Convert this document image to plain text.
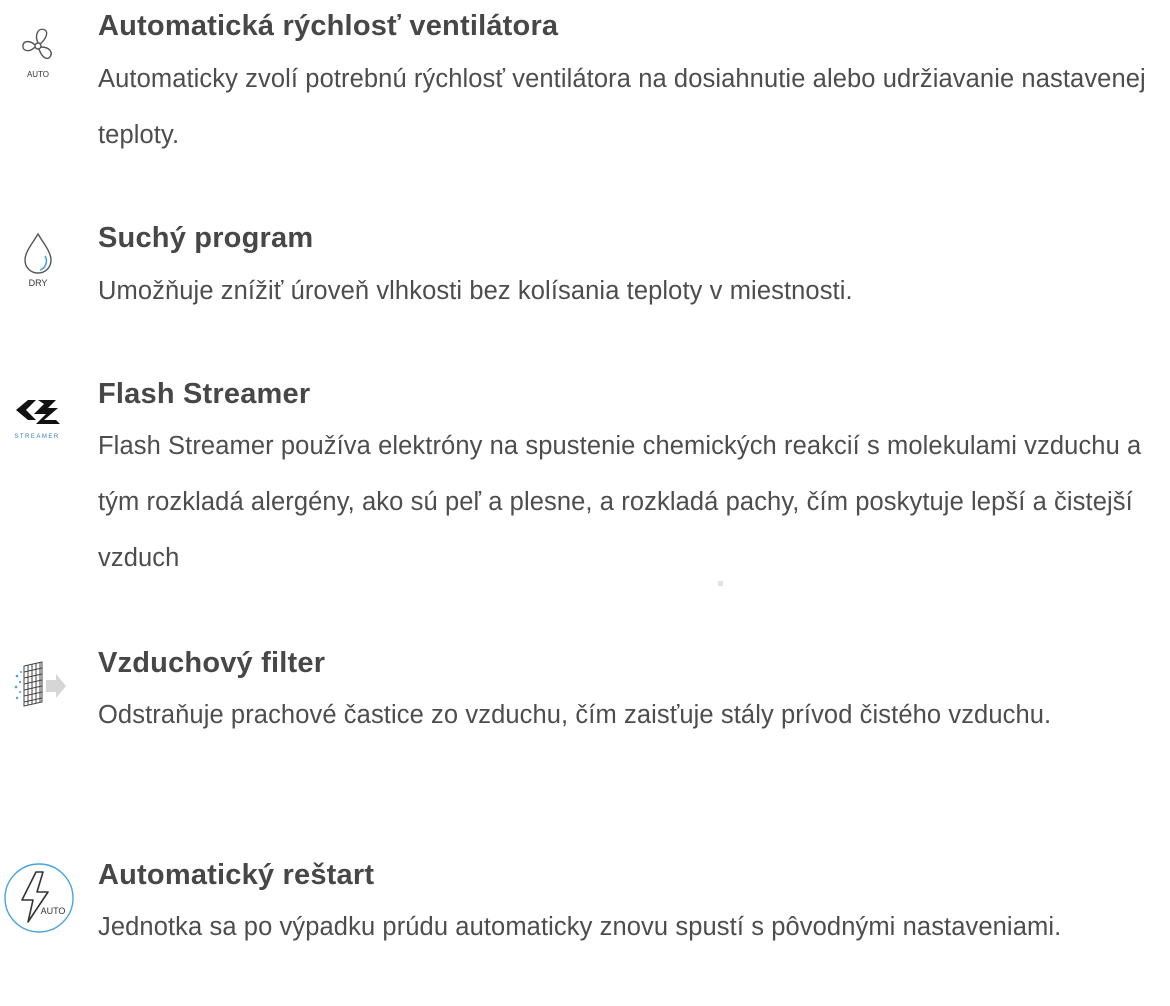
AUTO
Automatická rýchlosť ventilátora

Automaticky zvolí potrebnú rýchlosť ventilátora na dosiahnutie alebo udržiavanie nastavenej teploty.

DRY
Suchý program

Umožňuje znížiť úroveň vlhkosti bez kolísania teploty v miestnosti.

STREAMER
Flash Streamer

Flash Streamer používa elektróny na spustenie chemických reakcií s molekulami vzduchu a tým rozkladá alergény, ako sú peľ a plesne, a rozkladá pachy, čím poskytuje lepší a čistejší vzduch

Vzduchový filter

Odstraňuje prachové častice zo vzduchu, čím zaisťuje stály prívod čistého vzduchu.

AUTO
Automatický reštart

Jednotka sa po výpadku prúdu automaticky znovu spustí s pôvodnými nastaveniami.
